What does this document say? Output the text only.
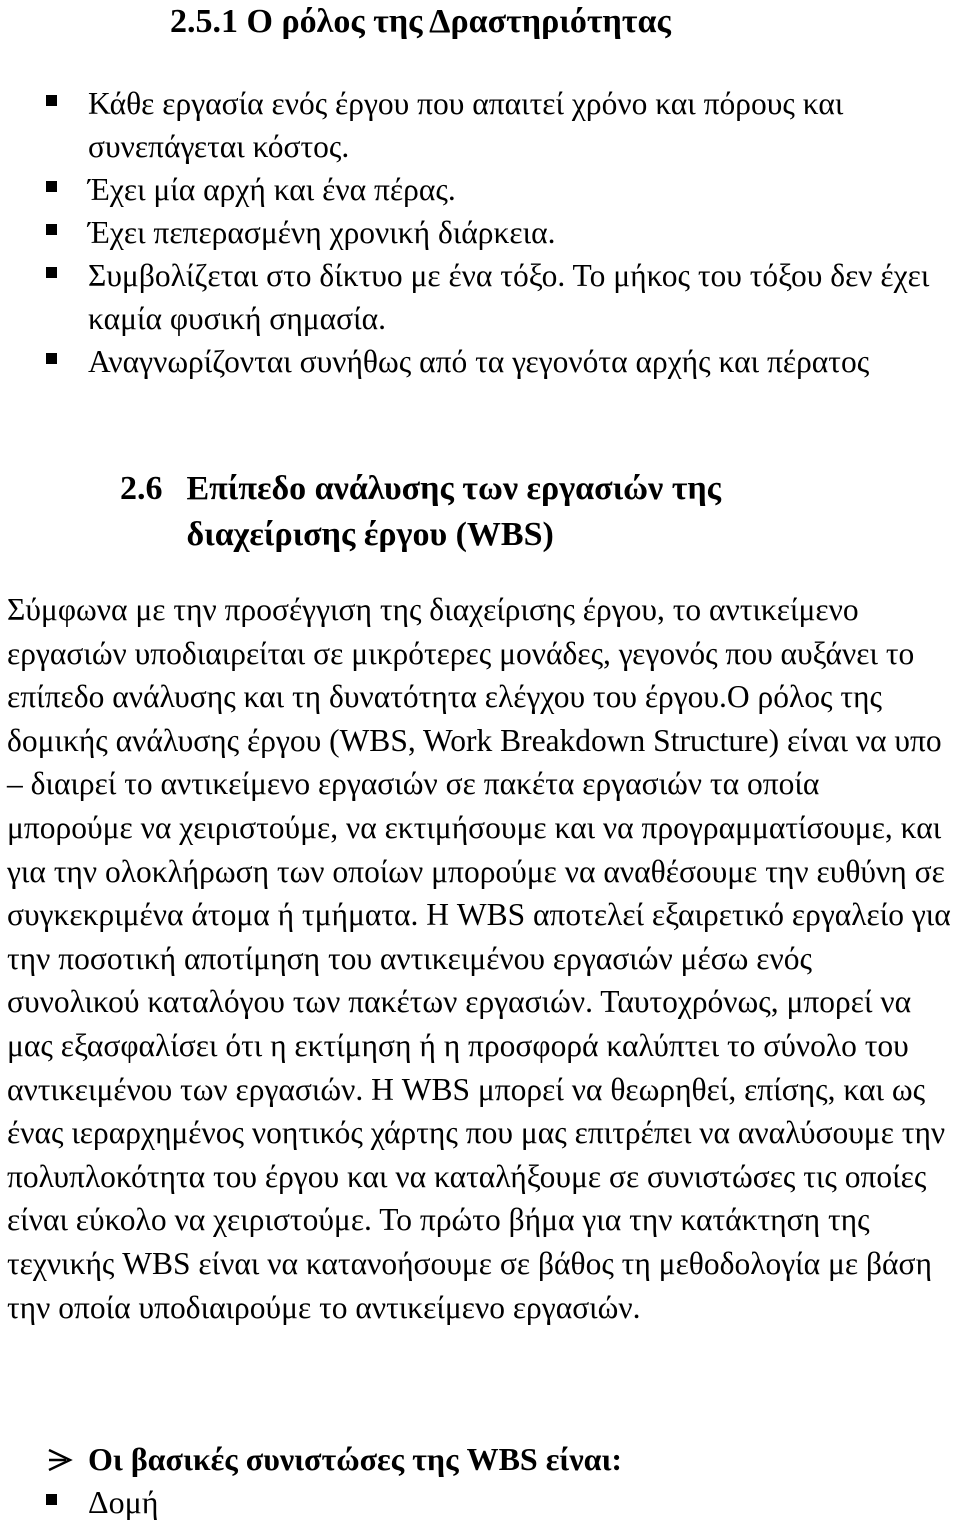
2.5.1 Ο ρόλος της Δραστηριότητας
Κάθε εργασία ενός έργου που απαιτεί χρόνο και πόρους και συνεπάγεται κόστος.
Έχει μία αρχή και ένα πέρας.
Έχει πεπερασμένη χρονική διάρκεια.
Συμβολίζεται στο δίκτυο με ένα τόξο. Το μήκος του τόξου δεν έχει καμία φυσική σημασία.
Αναγνωρίζονται συνήθως από τα γεγονότα αρχής και πέρατος
2.6 Επίπεδο ανάλυσης των εργασιών της
διαχείρισης έργου (WBS)

Σύμφωνα με την προσέγγιση της διαχείρισης έργου, το αντικείμενο εργασιών υποδιαιρείται σε μικρότερες μονάδες, γεγονός που αυξάνει το επίπεδο ανάλυσης και τη δυνατότητα ελέγχου του έργου.Ο ρόλος της δομικής ανάλυσης έργου (WBS, Work Breakdown Structure) είναι να υπο – διαιρεί το αντικείμενο εργασιών σε πακέτα εργασιών τα οποία μπορούμε να χειριστούμε, να εκτιμήσουμε και να προγραμματίσουμε, και για την ολοκλήρωση των οποίων μπορούμε να αναθέσουμε την ευθύνη σε συγκεκριμένα άτομα ή τμήματα. Η WBS αποτελεί εξαιρετικό εργαλείο για την ποσοτική αποτίμηση του αντικειμένου εργασιών μέσω ενός συνολικού καταλόγου των πακέτων εργασιών. Ταυτοχρόνως, μπορεί να μας εξασφαλίσει ότι η εκτίμηση ή η προσφορά καλύπτει το σύνολο του αντικειμένου των εργασιών. Η WBS μπορεί να θεωρηθεί, επίσης, και ως ένας ιεραρχημένος νοητικός χάρτης που μας επιτρέπει να αναλύσουμε την πολυπλοκότητα του έργου και να καταλήξουμε σε συνιστώσες τις οποίες είναι εύκολο να χειριστούμε. Το πρώτο βήμα για την κατάκτηση της τεχνικής WBS είναι να κατανοήσουμε σε βάθος τη μεθοδολογία με βάση την οποία υποδιαιρούμε το αντικείμενο εργασιών.

Οι βασικές συνιστώσες της WBS είναι:
Δομή
